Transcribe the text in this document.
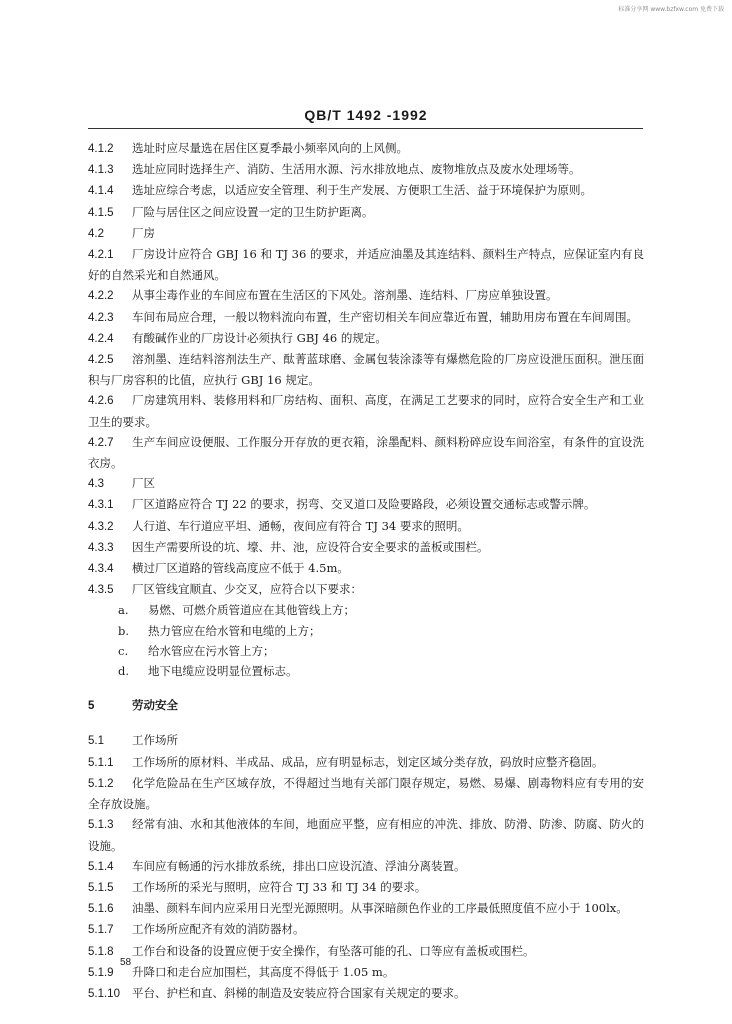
标准分享网 www.bzfxw.com 免费下载
QB/T 1492 -1992

4.1.2 选址时应尽量选在居住区夏季最小频率风向的上风侧。

4.1.3 选址应同时选择生产、消防、生活用水源、污水排放地点、废物堆放点及废水处理场等。

4.1.4 选址应综合考虑，以适应安全管理、利于生产发展、方便职工生活、益于环境保护为原则。

4.1.5 厂险与居住区之间应设置一定的卫生防护距离。

4.2 厂房

4.2.1 厂房设计应符合 GBJ 16 和 TJ 36 的要求，并适应油墨及其连结料、颜料生产特点，应保证室内有良好的自然采光和自然通风。

4.2.2 从事尘毒作业的车间应布置在生活区的下风处。溶剂墨、连结料、厂房应单独设置。

4.2.3 车间布局应合理，一般以物料流向布置，生产密切相关车间应靠近布置，辅助用房布置在车间周围。

4.2.4 有酸碱作业的厂房设计必须执行 GBJ 46 的规定。

4.2.5 溶剂墨、连结料溶剂法生产、酞菁蓝球磨、金属包装涂漆等有爆燃危险的厂房应设泄压面积。泄压面积与厂房容积的比值，应执行 GBJ 16 规定。

4.2.6 厂房建筑用料、装修用料和厂房结构、面积、高度，在满足工艺要求的同时，应符合安全生产和工业卫生的要求。

4.2.7 生产车间应设便服、工作服分开存放的更衣箱，涂墨配料、颜料粉碎应设车间浴室，有条件的宜设洗衣房。

4.3 厂区

4.3.1 厂区道路应符合 TJ 22 的要求，拐弯、交叉道口及险要路段，必须设置交通标志或警示牌。

4.3.2 人行道、车行道应平坦、通畅，夜间应有符合 TJ 34 要求的照明。

4.3.3 因生产需要所设的坑、壕、井、池，应设符合安全要求的盖板或围栏。

4.3.4 横过厂区道路的管线高度应不低于 4.5m。

4.3.5 厂区管线宜顺直、少交叉，应符合以下要求：

a. 易燃、可燃介质管道应在其他管线上方；

b. 热力管应在给水管和电缆的上方；

c. 给水管应在污水管上方；

d. 地下电缆应设明显位置标志。

5	劳动安全

5.1 工作场所

5.1.1 工作场所的原材料、半成品、成品，应有明显标志，划定区域分类存放，码放时应整齐稳固。

5.1.2 化学危险品在生产区域存放，不得超过当地有关部门限存规定，易燃、易爆、剧毒物料应有专用的安全存放设施。

5.1.3 经常有油、水和其他液体的车间，地面应平整，应有相应的冲洗、排放、防滑、防渗、防腐、防火的设施。

5.1.4 车间应有畅通的污水排放系统，排出口应设沉渣、浮油分离装置。

5.1.5 工作场所的采光与照明，应符合 TJ 33 和 TJ 34 的要求。

5.1.6 油墨、颜料车间内应采用日光型光源照明。从事深暗颜色作业的工序最低照度值不应小于 100lx。

5.1.7 工作场所应配齐有效的消防器材。

5.1.8 工作台和设备的设置应便于安全操作，有坠落可能的孔、口等应有盖板或围栏。

5.1.9 升降口和走台应加围栏，其高度不得低于 1.05 m。

5.1.10 平台、护栏和直、斜梯的制造及安装应符合国家有关规定的要求。

58
